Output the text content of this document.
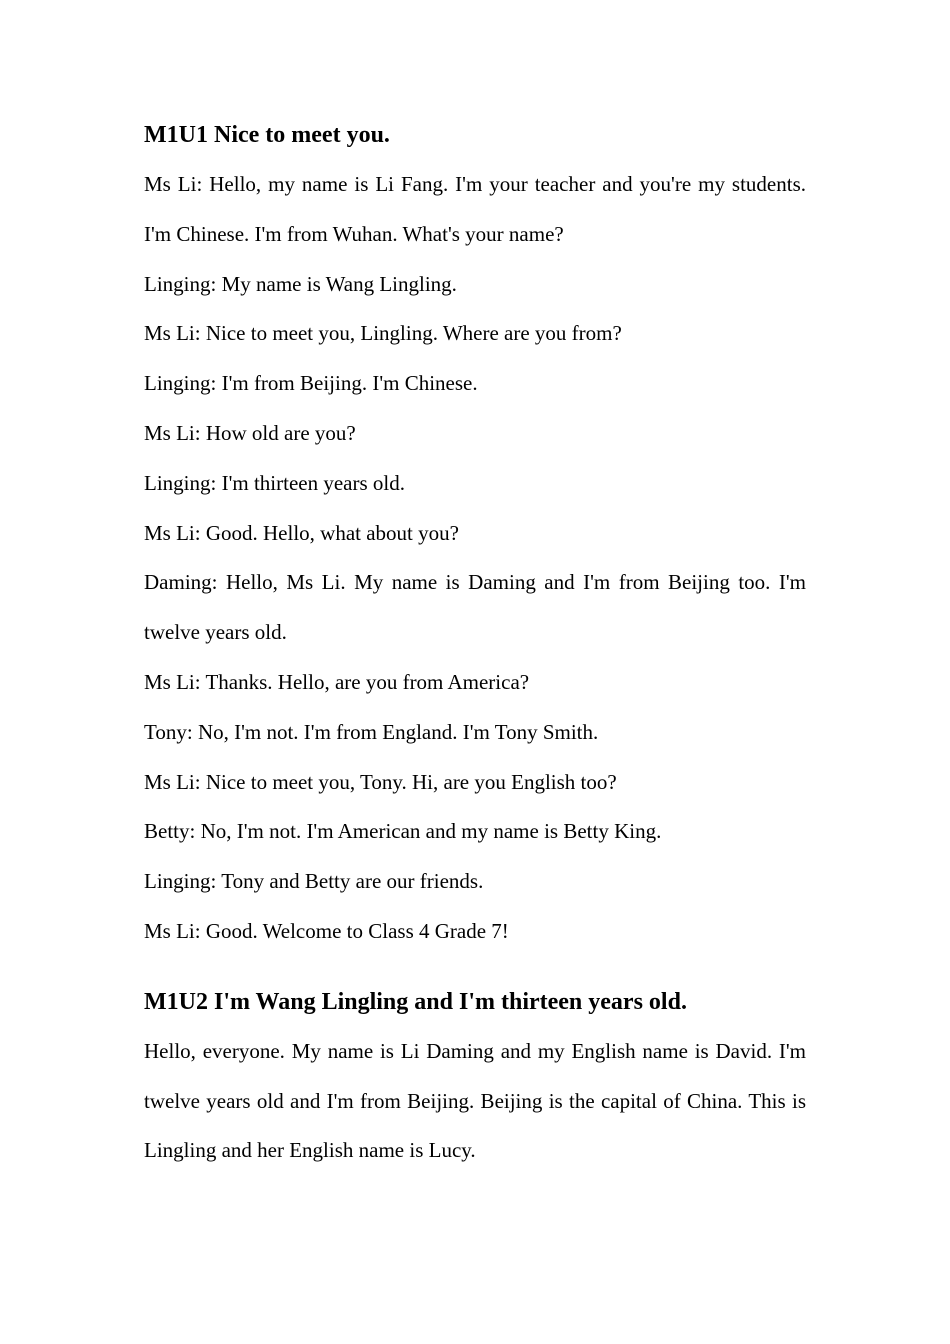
M1U1 Nice to meet you.

Ms Li: Hello, my name is Li Fang. I'm your teacher and you're my students. I'm Chinese. I'm from Wuhan. What's your name?

Linging: My name is Wang Lingling.

Ms Li: Nice to meet you, Lingling. Where are you from?

Linging: I'm from Beijing. I'm Chinese.

Ms Li: How old are you?

Linging: I'm thirteen years old.

Ms Li: Good. Hello, what about you?

Daming: Hello, Ms Li. My name is Daming and I'm from Beijing too. I'm twelve years old.

Ms Li: Thanks. Hello, are you from America?

Tony: No, I'm not. I'm from England. I'm Tony Smith.

Ms Li: Nice to meet you, Tony. Hi, are you English too?

Betty: No, I'm not. I'm American and my name is Betty King.

Linging: Tony and Betty are our friends.

Ms Li: Good. Welcome to Class 4 Grade 7!

M1U2 I'm Wang Lingling and I'm thirteen years old.

Hello, everyone. My name is Li Daming and my English name is David. I'm twelve years old and I'm from Beijing. Beijing is the capital of China. This is Lingling and her English name is Lucy.
